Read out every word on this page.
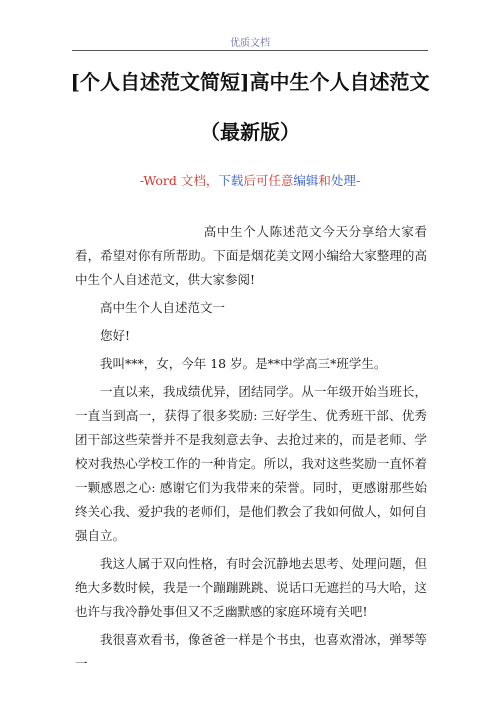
优质文档
[个人自述范文简短]高中生个人自述范文
（最新版）
-Word 文档，下载后可任意编辑和处理-

高中生个人陈述范文今天分享给大家看看，希望对你有所帮助。下面是烟花美文网小编给大家整理的高中生个人自述范文，供大家参阅!

高中生个人自述范文一

您好!

我叫***，女，今年 18 岁。是**中学高三*班学生。

一直以来，我成绩优异，团结同学。从一年级开始当班长，一直当到高一，获得了很多奖励: 三好学生、优秀班干部、优秀团干部这些荣誉并不是我刻意去争、去抢过来的，而是老师、学校对我热心学校工作的一种肯定。所以，我对这些奖励一直怀着一颗感恩之心: 感谢它们为我带来的荣誉。同时，更感谢那些始终关心我、爱护我的老师们，是他们教会了我如何做人，如何自强自立。

我这人属于双向性格，有时会沉静地去思考、处理问题，但绝大多数时候，我是一个蹦蹦跳跳、说话口无遮拦的马大哈，这也许与我冷静处事但又不乏幽默感的家庭环境有关吧!

我很喜欢看书，像爸爸一样是个书虫，也喜欢滑冰，弹琴等一
